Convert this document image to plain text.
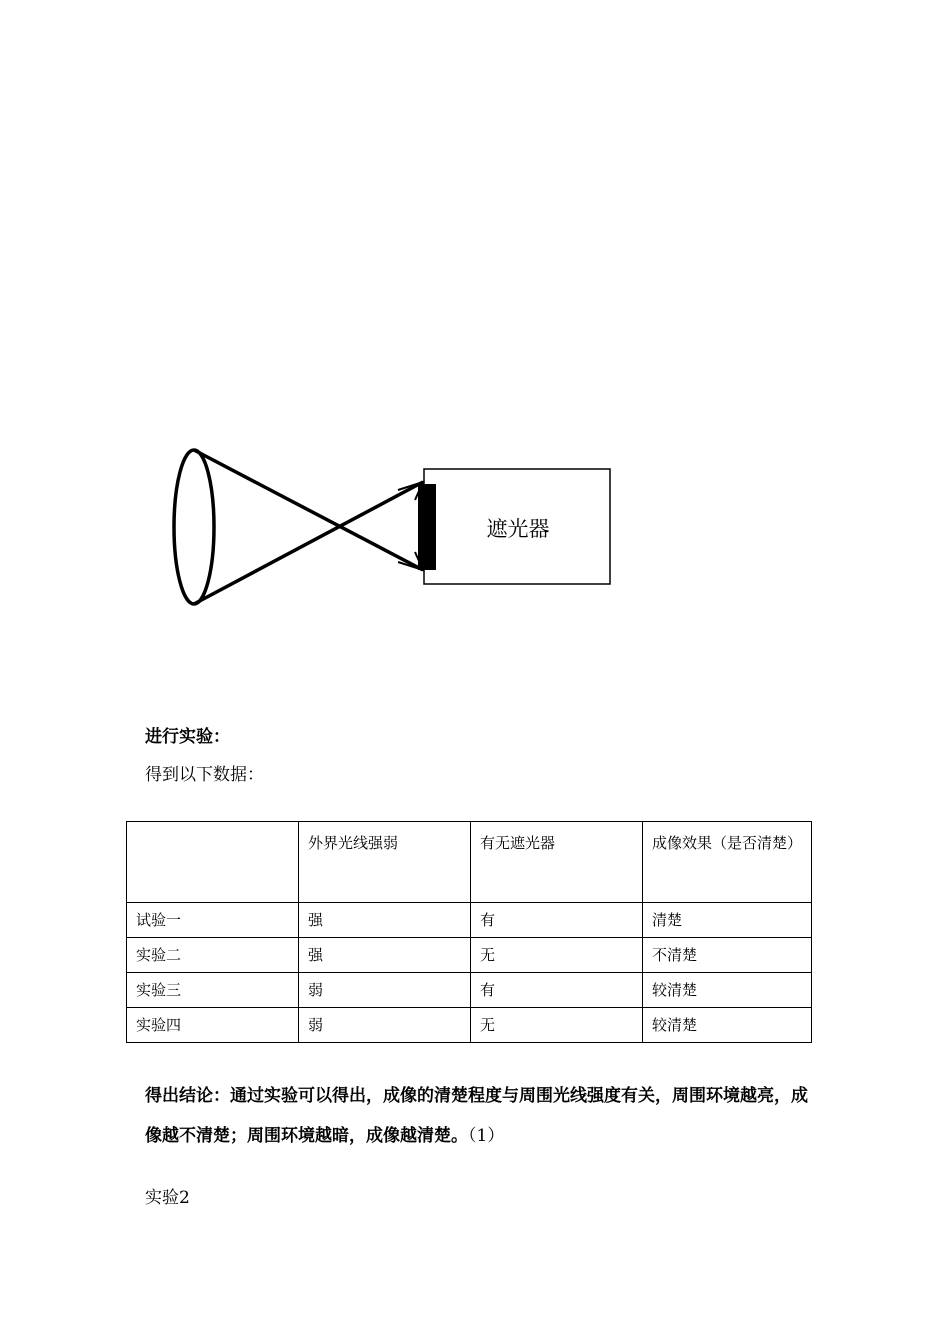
遮光器
进行实验：
得到以下数据：
	外界光线强弱	有无遮光器	成像效果（是否清楚）
试验一	强	有	清楚
实验二	强	无	不清楚
实验三	弱	有	较清楚
实验四	弱	无	较清楚
得出结论：通过实验可以得出，成像的清楚程度与周围光线强度有关，周围环境越亮，成像越不清楚；周围环境越暗，成像越清楚。（1）
实验2
